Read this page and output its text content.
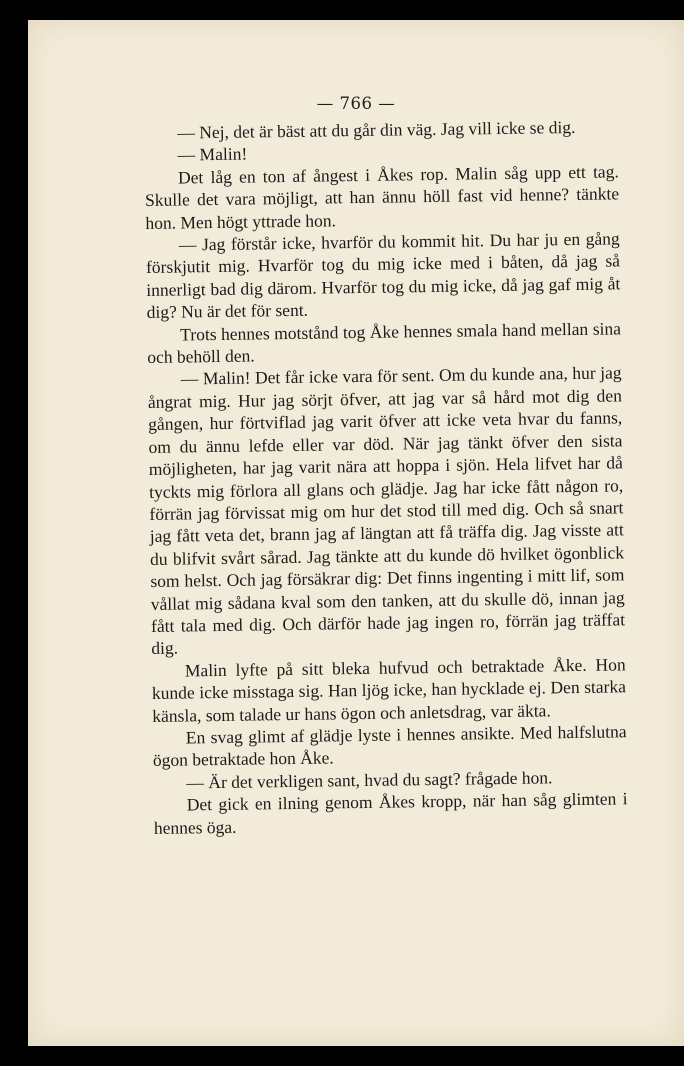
— 766 —

— Nej, det är bäst att du går din väg. Jag vill icke se dig.

— Malin!

Det låg en ton af ångest i Åkes rop. Malin såg upp ett tag. Skulle det vara möjligt, att han ännu höll fast vid henne? tänkte hon. Men högt yttrade hon.

— Jag förstår icke, hvarför du kommit hit. Du har ju en gång förskjutit mig. Hvarför tog du mig icke med i båten, då jag så innerligt bad dig därom. Hvarför tog du mig icke, då jag gaf mig åt dig? Nu är det för sent.

Trots hennes motstånd tog Åke hennes smala hand mellan sina och behöll den.

— Malin! Det får icke vara för sent. Om du kunde ana, hur jag ångrat mig. Hur jag sörjt öfver, att jag var så hård mot dig den gången, hur förtviflad jag varit öfver att icke veta hvar du fanns, om du ännu lefde eller var död. När jag tänkt öfver den sista möjligheten, har jag varit nära att hoppa i sjön. Hela lifvet har då tyckts mig förlora all glans och glädje. Jag har icke fått någon ro, förrän jag förvissat mig om hur det stod till med dig. Och så snart jag fått veta det, brann jag af längtan att få träffa dig. Jag visste att du blifvit svårt sårad. Jag tänkte att du kunde dö hvilket ögonblick som helst. Och jag försäkrar dig: Det finns ingenting i mitt lif, som vållat mig sådana kval som den tanken, att du skulle dö, innan jag fått tala med dig. Och därför hade jag ingen ro, förrän jag träffat dig.

Malin lyfte på sitt bleka hufvud och betraktade Åke. Hon kunde icke misstaga sig. Han ljög icke, han hycklade ej. Den starka känsla, som talade ur hans ögon och anletsdrag, var äkta.

En svag glimt af glädje lyste i hennes ansikte. Med halfslutna ögon betraktade hon Åke.

— Är det verkligen sant, hvad du sagt? frågade hon.

Det gick en ilning genom Åkes kropp, när han såg glimten i hennes öga.
